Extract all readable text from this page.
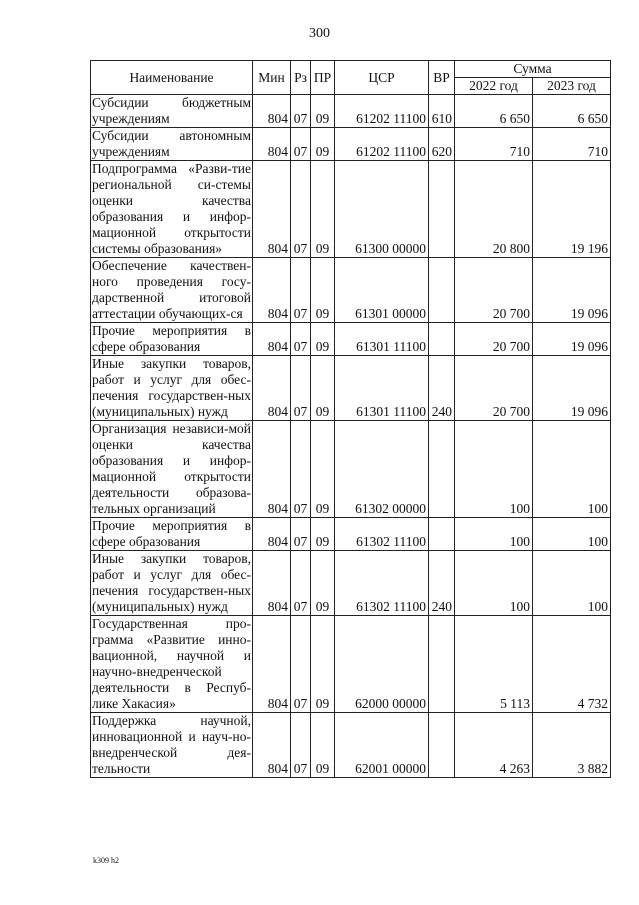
300
Наименование	Мин	Рз	ПР	ЦСР	ВР	Сумма	
						2022 год	2023 год
Субсидии бюджетным учреждениям	804	07	09	61202 11100	610	6 650	6 650
Субсидии автономным учреждениям	804	07	09	61202 11100	620	710	710
Подпрограмма «Разви-тие региональной си-стемы оценки качества образования и инфор-мационной открытости системы образования»	804	07	09	61300 00000		20 800	19 196
Обеспечение качествен-ного проведения госу-дарственной итоговой аттестации обучающих-ся	804	07	09	61301 00000		20 700	19 096
Прочие мероприятия в сфере образования	804	07	09	61301 11100		20 700	19 096
Иные закупки товаров, работ и услуг для обес-печения государствен-ных (муниципальных) нужд	804	07	09	61301 11100	240	20 700	19 096
Организация независи-мой оценки качества образования и инфор-мационной открытости деятельности образова-тельных организаций	804	07	09	61302 00000		100	100
Прочие мероприятия в сфере образования	804	07	09	61302 11100		100	100
Иные закупки товаров, работ и услуг для обес-печения государствен-ных (муниципальных) нужд	804	07	09	61302 11100	240	100	100
Государственная про-грамма «Развитие инно-вационной, научной и научно-внедренческой деятельности в Респуб-лике Хакасия»	804	07	09	62000 00000		5 113	4 732
Поддержка научной, инновационной и науч-но-внедренческой дея-тельности	804	07	09	62001 00000		4 263	3 882
k309 h2
